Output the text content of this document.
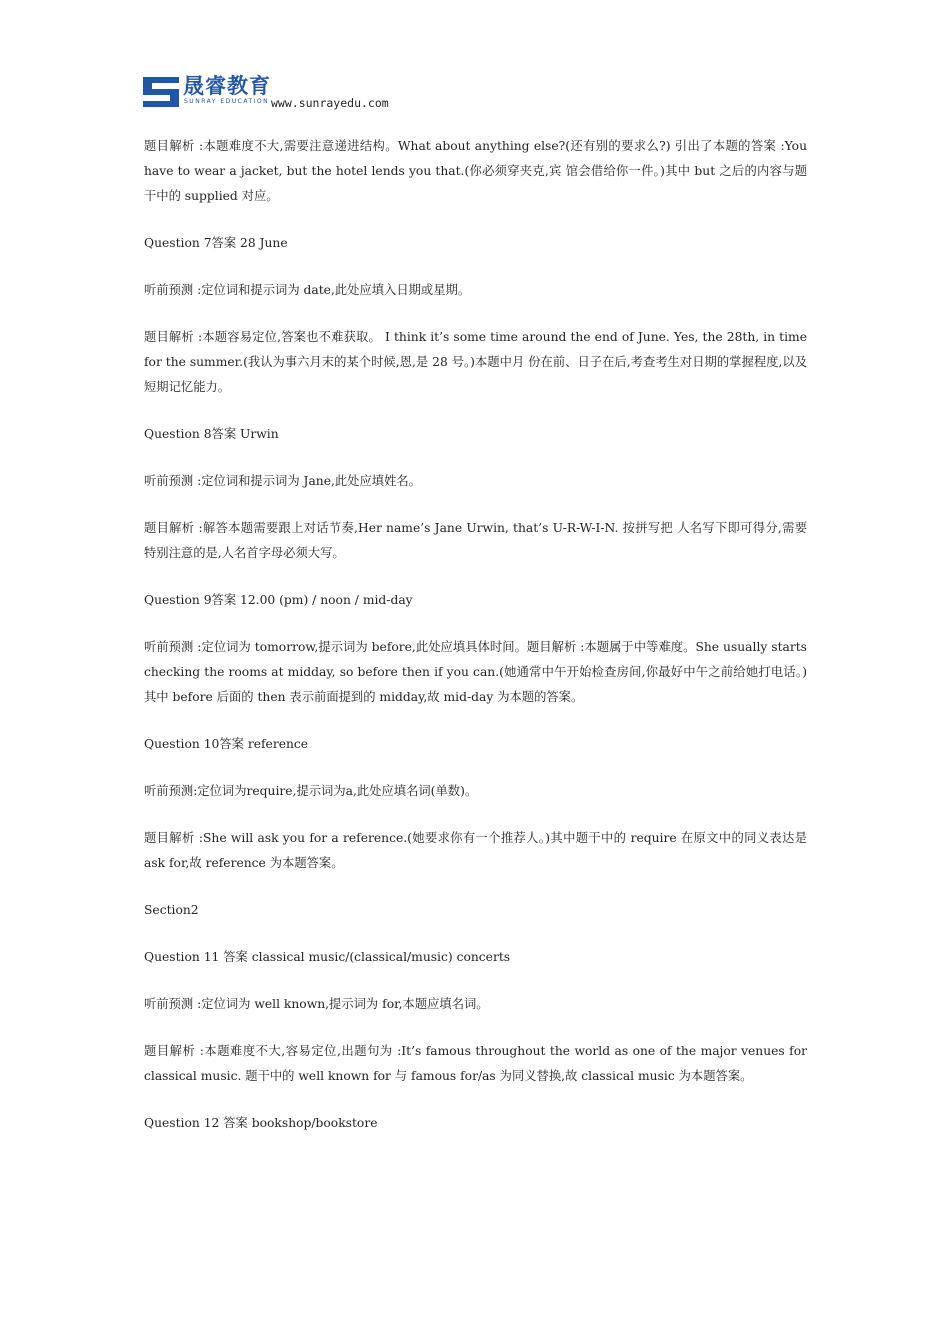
晟睿教育
SUNRAY EDUCATION www.sunrayedu.com

题目解析 :本题难度不大,需要注意递进结构。What about anything else?(还有别的要求么?) 引出了本题的答案 :You have to wear a jacket, but the hotel lends you that.(你必须穿夹克,宾 馆会借给你一件。)其中 but 之后的内容与题干中的 supplied 对应。

Question 7答案 28 June

听前预测 :定位词和提示词为 date,此处应填入日期或星期。

题目解析 :本题容易定位,答案也不难获取。 I think it’s some time around the end of June. Yes, the 28th, in time for the summer.(我认为事六月末的某个时候,恩,是 28 号。)本题中月 份在前、日子在后,考查考生对日期的掌握程度,以及短期记忆能力。

Question 8答案 Urwin

听前预测 :定位词和提示词为 Jane,此处应填姓名。

题目解析 :解答本题需要跟上对话节奏,Her name’s Jane Urwin, that’s U-R-W-I-N. 按拼写把 人名写下即可得分,需要特别注意的是,人名首字母必须大写。

Question 9答案 12.00 (pm) / noon / mid-day

听前预测 :定位词为 tomorrow,提示词为 before,此处应填具体时间。题目解析 :本题属于中等难度。She usually starts checking the rooms at midday, so before then if you can.(她通常中午开始检查房间,你最好中午之前给她打电话。)其中 before 后面的 then 表示前面提到的 midday,故 mid-day 为本题的答案。

Question 10答案 reference

听前预测:定位词为require,提示词为a,此处应填名词(单数)。

题目解析 :She will ask you for a reference.(她要求你有一个推荐人。)其中题干中的 require 在原文中的同义表达是 ask for,故 reference 为本题答案。

Section2

Question 11 答案 classical music/(classical/music) concerts

听前预测 :定位词为 well known,提示词为 for,本题应填名词。

题目解析 :本题难度不大,容易定位,出题句为 :It’s famous throughout the world as one of the major venues for classical music. 题干中的 well known for 与 famous for/as 为同义替换,故 classical music 为本题答案。

Question 12 答案 bookshop/bookstore
